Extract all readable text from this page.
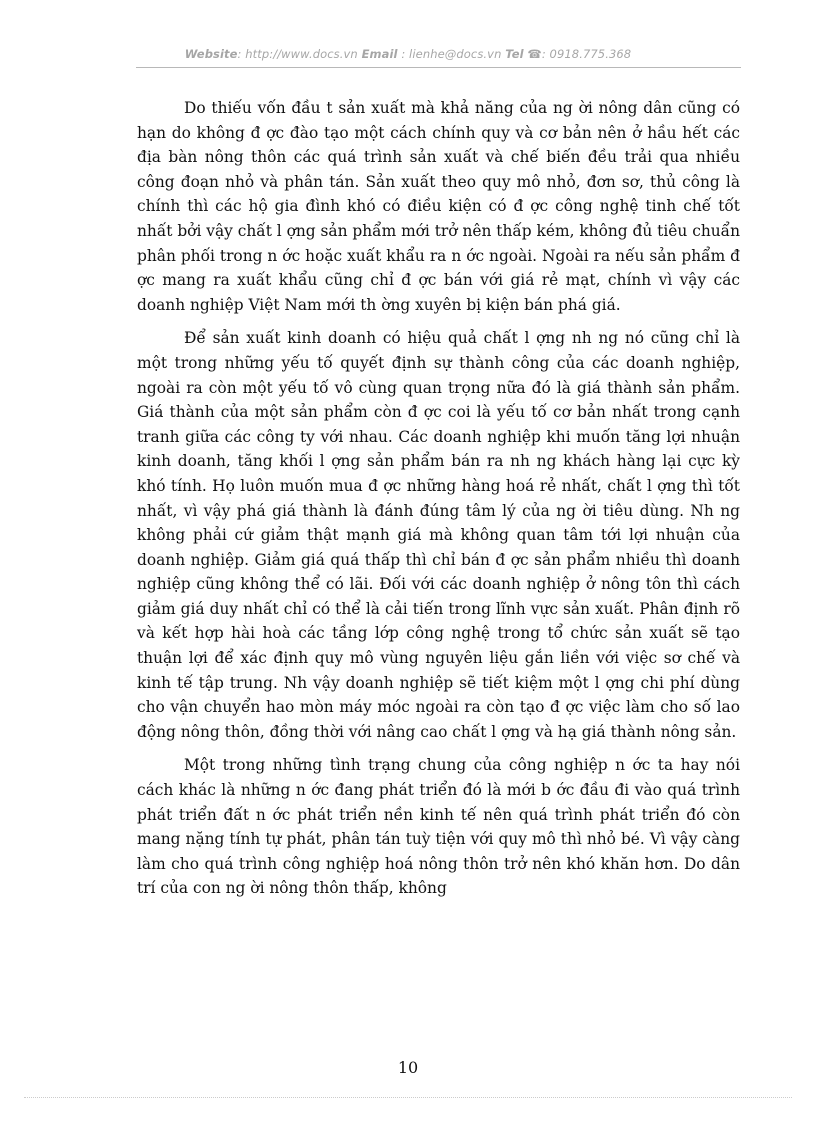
Website: http://www.docs.vn Email : lienhe@docs.vn Tel ☎: 0918.775.368

Do thiếu vốn đầu t sản xuất mà khả năng của ng ời nông dân cũng có hạn do không đ ợc đào tạo một cách chính quy và cơ bản nên ở hầu hết các địa bàn nông thôn các quá trình sản xuất và chế biến đều trải qua nhiều công đoạn nhỏ và phân tán. Sản xuất theo quy mô nhỏ, đơn sơ, thủ công là chính thì các hộ gia đình khó có điều kiện có đ ợc công nghệ tinh chế tốt nhất bởi vậy chất l ợng sản phẩm mới trở nên thấp kém, không đủ tiêu chuẩn phân phối trong n ớc hoặc xuất khẩu ra n ớc ngoài. Ngoài ra nếu sản phẩm đ ợc mang ra xuất khẩu cũng chỉ đ ợc bán với giá rẻ mạt, chính vì vậy các doanh nghiệp Việt Nam mới th ờng xuyên bị kiện bán phá giá.

Để sản xuất kinh doanh có hiệu quả chất l ợng nh ng nó cũng chỉ là một trong những yếu tố quyết định sự thành công của các doanh nghiệp, ngoài ra còn một yếu tố vô cùng quan trọng nữa đó là giá thành sản phẩm. Giá thành của một sản phẩm còn đ ợc coi là yếu tố cơ bản nhất trong cạnh tranh giữa các công ty với nhau. Các doanh nghiệp khi muốn tăng lợi nhuận kinh doanh, tăng khối l ợng sản phẩm bán ra nh ng khách hàng lại cực kỳ khó tính. Họ luôn muốn mua đ ợc những hàng hoá rẻ nhất, chất l ợng thì tốt nhất, vì vậy phá giá thành là đánh đúng tâm lý của ng ời tiêu dùng. Nh ng không phải cứ giảm thật mạnh giá mà không quan tâm tới lợi nhuận của doanh nghiệp. Giảm giá quá thấp thì chỉ bán đ ợc sản phẩm nhiều thì doanh nghiệp cũng không thể có lãi. Đối với các doanh nghiệp ở nông tôn thì cách giảm giá duy nhất chỉ có thể là cải tiến trong lĩnh vực sản xuất. Phân định rõ và kết hợp hài hoà các tầng lớp công nghệ trong tổ chức sản xuất sẽ tạo thuận lợi để xác định quy mô vùng nguyên liệu gắn liền với việc sơ chế và kinh tế tập trung. Nh vậy doanh nghiệp sẽ tiết kiệm một l ợng chi phí dùng cho vận chuyển hao mòn máy móc ngoài ra còn tạo đ ợc việc làm cho số lao động nông thôn, đồng thời với nâng cao chất l ợng và hạ giá thành nông sản.

Một trong những tình trạng chung của công nghiệp n ớc ta hay nói cách khác là những n ớc đang phát triển đó là mới b ớc đầu đi vào quá trình phát triển đất n ớc phát triển nền kinh tế nên quá trình phát triển đó còn mang nặng tính tự phát, phân tán tuỳ tiện với quy mô thì nhỏ bé. Vì vậy càng làm cho quá trình công nghiệp hoá nông thôn trở nên khó khăn hơn. Do dân trí của con ng ời nông thôn thấp, không

10
